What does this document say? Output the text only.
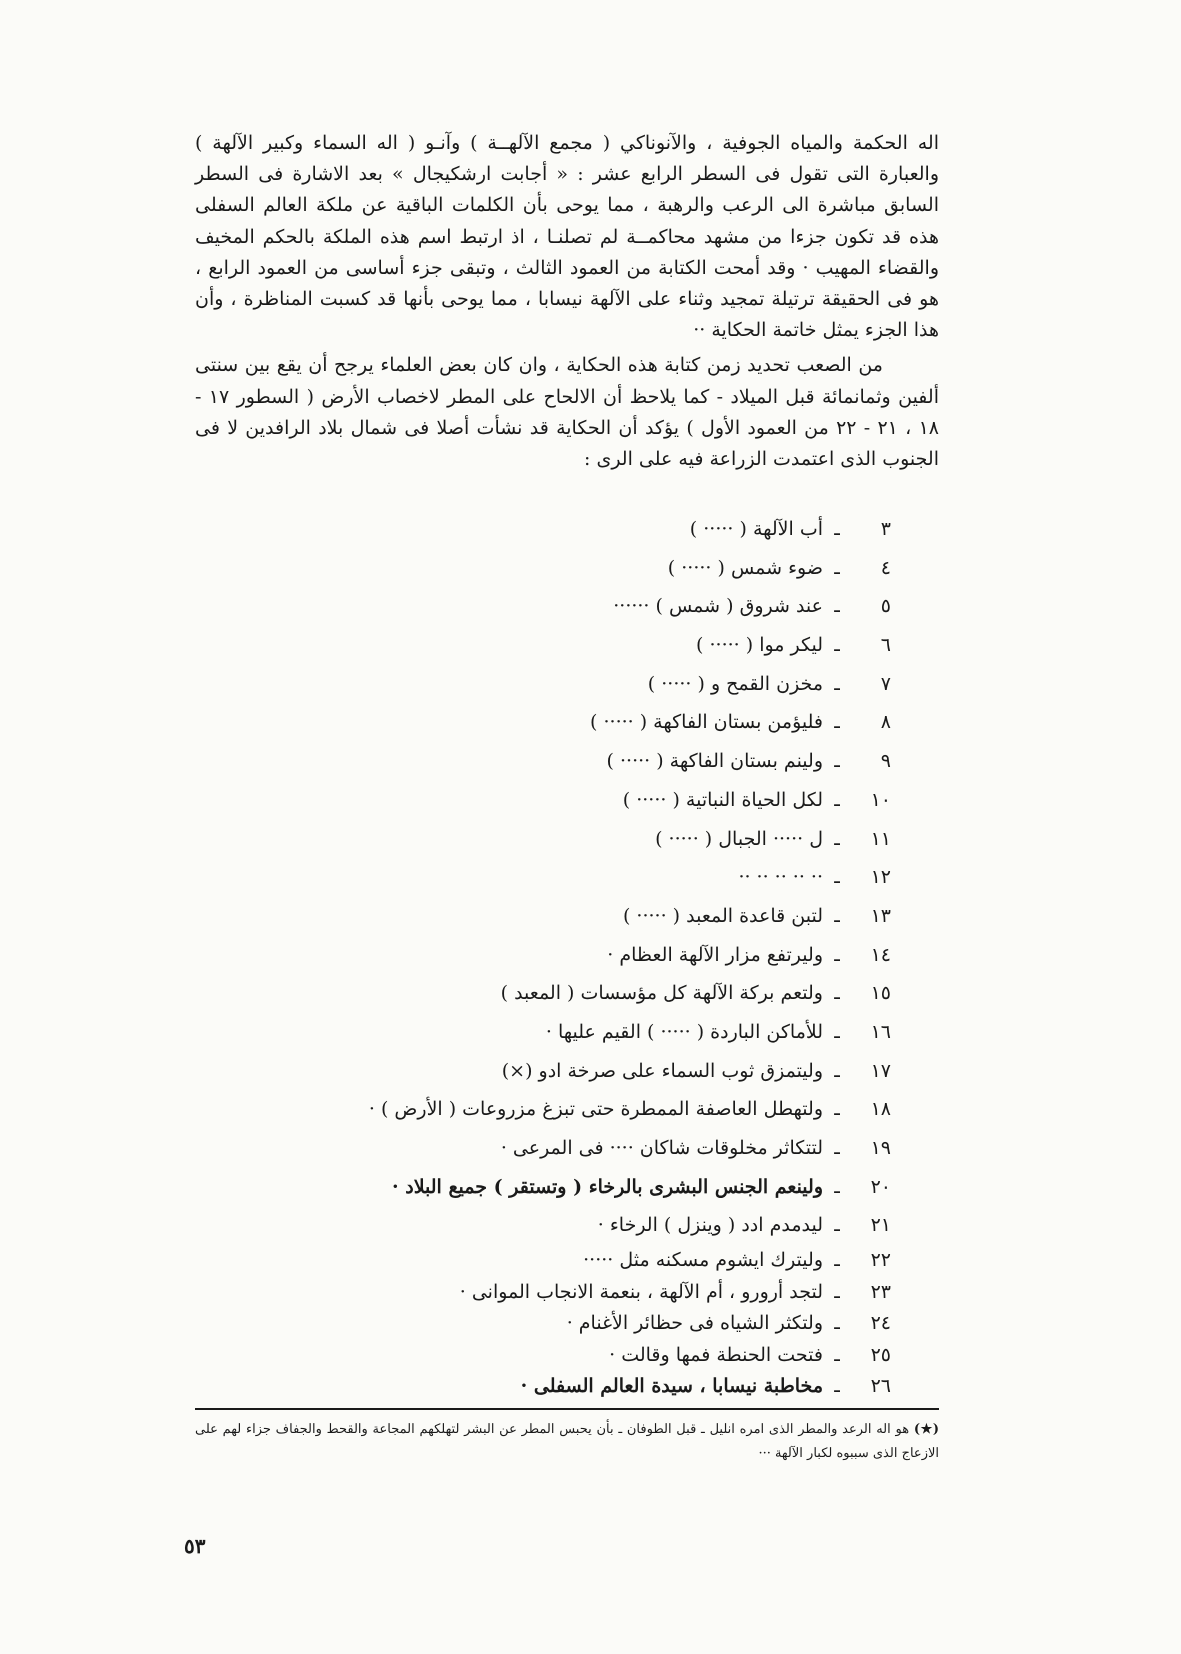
اله الحكمة والمياه الجوفية ، والآنوناكي ( مجمع الآلهــة ) وآنـو ( اله السماء وكبير الآلهة ) والعبارة التى تقول فى السطر الرابع عشر : « أجابت ارشكيجال » بعد الاشارة فى السطر السابق مباشرة الى الرعب والرهبة ، مما يوحى بأن الكلمات الباقية عن ملكة العالم السفلى هذه قد تكون جزءا من مشهد محاكمــة لم تصلنـا ، اذ ارتبط اسم هذه الملكة بالحكم المخيف والقضاء المهيب · وقد أمحت الكتابة من العمود الثالث ، وتبقى جزء أساسى من العمود الرابع ، هو فى الحقيقة ترتيلة تمجيد وثناء على الآلهة نيسابا ، مما يوحى بأنها قد كسبت المناظرة ، وأن هذا الجزء يمثل خاتمة الحكاية ··

من الصعب تحديد زمن كتابة هذه الحكاية ، وان كان بعض العلماء يرجح أن يقع بين سنتى ألفين وثمانمائة قبل الميلاد - كما يلاحظ أن الالحاح على المطر لاخصاب الأرض ( السطور ١٧ - ١٨ ، ٢١ - ٢٢ من العمود الأول ) يؤكد أن الحكاية قد نشأت أصلا فى شمال بلاد الرافدين لا فى الجنوب الذى اعتمدت الزراعة فيه على الرى :

٣
ـ
أب الآلهة ( ····· )
٤
ـ
ضوء شمس ( ····· )
٥
ـ
عند شروق ( شمس ) ······
٦
ـ
ليكر موا ( ····· )
٧
ـ
مخزن القمح و ( ····· )
٨
ـ
فليؤمن بستان الفاكهة ( ····· )
٩
ـ
ولينم بستان الفاكهة ( ····· )
١٠
ـ
لكل الحياة النباتية ( ····· )
١١
ـ
ل ····· الجبال ( ····· )
١٢
ـ
·· ·· ·· ·· ··
١٣
ـ
لتبن قاعدة المعبد ( ····· )
١٤
ـ
وليرتفع مزار الآلهة العظام ·
١٥
ـ
ولتعم بركة الآلهة كل مؤسسات ( المعبد )
١٦
ـ
للأماكن الباردة ( ····· ) القيم عليها ·
١٧
ـ
وليتمزق ثوب السماء على صرخة ادو (×)
١٨
ـ
ولتهطل العاصفة الممطرة حتى تبزغ مزروعات ( الأرض ) ·
١٩
ـ
لتتكاثر مخلوقات شاكان ···· فى المرعى ·
٢٠
ـ
ولينعم الجنس البشرى بالرخاء ( وتستقر ) جميع البلاد ·
٢١
ـ
ليدمدم ادد ( وينزل ) الرخاء ·
٢٢
ـ
وليترك ايشوم مسكنه مثل ·····
٢٣
ـ
لتجد أرورو ، أم الآلهة ، بنعمة الانجاب الموانى ·
٢٤
ـ
ولتكثر الشياه فى حظائر الأغنام ·
٢٥
ـ
فتحت الحنطة فمها وقالت ·
٢٦
ـ
مخاطبة نيسابا ، سيدة العالم السفلى ·

(★) هو اله الرعد والمطر الذى امره انليل ـ قبل الطوفان ـ بأن يحبس المطر عن البشر لتهلكهم المجاعة والقحط والجفاف جزاء لهم على الازعاج الذى سببوه لكبار الآلهة ···

٥٣
